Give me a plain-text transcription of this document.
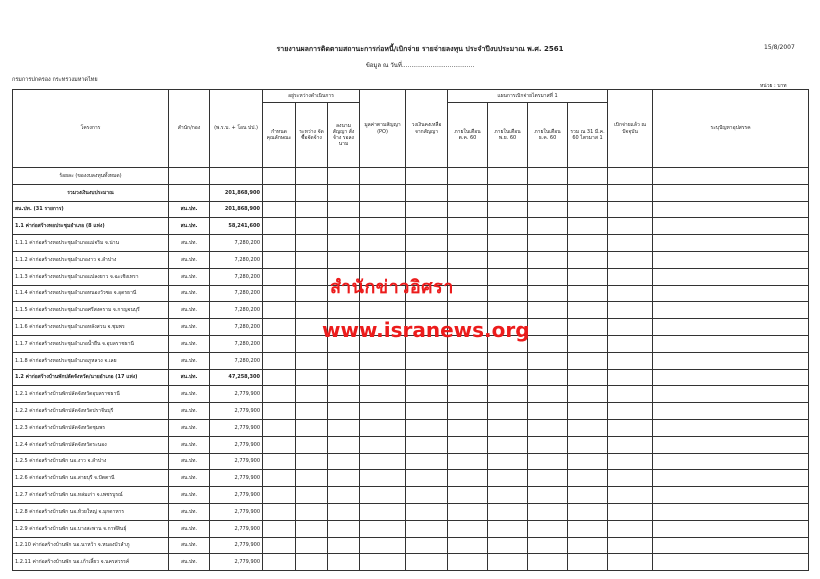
รายงานผลการติดตามสถานะการก่อหนี้/เบิกจ่าย รายจ่ายลงทุน ประจำปีงบประมาณ พ.ศ. 2561
ข้อมูล ณ วันที่......................................
15/8/2007
กรมการปกครอง กระทรวงมหาดไทย
หน่วย : บาท
โครงการ	สำนัก/กอง	(พ.ร.บ. + โอน ปป.)	อยู่ระหว่างดำเนินการ			มูลค่าตามสัญญา (PO)	วงเงินคงเหลือ จากสัญญา	แผนการเบิกจ่ายไตรมาสที่ 1				เบิกจ่ายแล้ว ณ ปัจจุบัน	ระบุปัญหาอุปสรรค
			กำหนด คุณลักษณะ	ระหว่าง จัดซื้อจัดจ้าง	ลงนามสัญญา สั่งจ้าง รอลงนาม			ภายในเดือน ต.ค. 60	ภายในเดือน พ.ย. 60	ภายในเดือน ธ.ค. 60	รวม ณ 31 มี.ค. 60 ไตรมาส 1		
ร้อยละ (ของงบลงทุนทั้งหมด)													
รวมวงเงินงบประมาณ		201,868,900											
สน.ปท. (31 รายการ)	สน.ปท.	201,868,900											
1.1 ค่าก่อสร้างหอประชุมอำเภอ (8 แห่ง)	สน.ปท.	58,241,600											
1.1.1 ค่าก่อสร้างหอประชุมอำเภอแม่จริม จ.น่าน	สน.ปท.	7,280,200											
1.1.2 ค่าก่อสร้างหอประชุมอำเภองาว จ.ลำปาง	สน.ปท.	7,280,200											
1.1.3 ค่าก่อสร้างหอประชุมอำเภอแปลงยาว จ.ฉะเชิงเทรา	สน.ปท.	7,280,200											
1.1.4 ค่าก่อสร้างหอประชุมอำเภอหนองวัวซอ จ.อุดรธานี	สน.ปท.	7,280,200											
1.1.5 ค่าก่อสร้างหอประชุมอำเภอศรีสงคราม จ.กาญจนบุรี	สน.ปท.	7,280,200											
1.1.6 ค่าก่อสร้างหอประชุมอำเภอหลังสวน จ.ชุมพร	สน.ปท.	7,280,200											
1.1.7 ค่าก่อสร้างหอประชุมอำเภอน้ำยืน จ.อุบลราชธานี	สน.ปท.	7,280,200											
1.1.8 ค่าก่อสร้างหอประชุมอำเภอภูหลวง จ.เลย	สน.ปท.	7,280,200											
1.2 ค่าก่อสร้างบ้านพักปลัดจังหวัด/นายอำเภอ (17 แห่ง)	สน.ปท.	47,258,300											
1.2.1 ค่าก่อสร้างบ้านพักปลัดจังหวัดอุบลราชธานี	สน.ปท.	2,779,900											
1.2.2 ค่าก่อสร้างบ้านพักปลัดจังหวัดปราจีนบุรี	สน.ปท.	2,779,900											
1.2.3 ค่าก่อสร้างบ้านพักปลัดจังหวัดชุมพร	สน.ปท.	2,779,900											
1.2.4 ค่าก่อสร้างบ้านพักปลัดจังหวัดระนอง	สน.ปท.	2,779,900											
1.2.5 ค่าก่อสร้างบ้านพัก นอ.งาว จ.ลำปาง	สน.ปท.	2,779,900											
1.2.6 ค่าก่อสร้างบ้านพัก นอ.สายบุรี จ.ปัตตานี	สน.ปท.	2,779,900											
1.2.7 ค่าก่อสร้างบ้านพัก นอ.หล่มเก่า จ.เพชรบูรณ์	สน.ปท.	2,779,900											
1.2.8 ค่าก่อสร้างบ้านพัก นอ.ห้วยใหญ่ จ.มุกดาหาร	สน.ปท.	2,779,900											
1.2.9 ค่าก่อสร้างบ้านพัก นอ.บางสะพาน จ.กาฬสินธุ์	สน.ปท.	2,779,900											
1.2.10 ค่าก่อสร้างบ้านพัก นอ.นาหว้า จ.หนองบัวลำภู	สน.ปท.	2,779,900											
1.2.11 ค่าก่อสร้างบ้านพัก นอ.เก้าเลี้ยว จ.นครสวรรค์	สน.ปท.	2,779,900											
สำนักข่าวอิศรา
www.isranews.org
